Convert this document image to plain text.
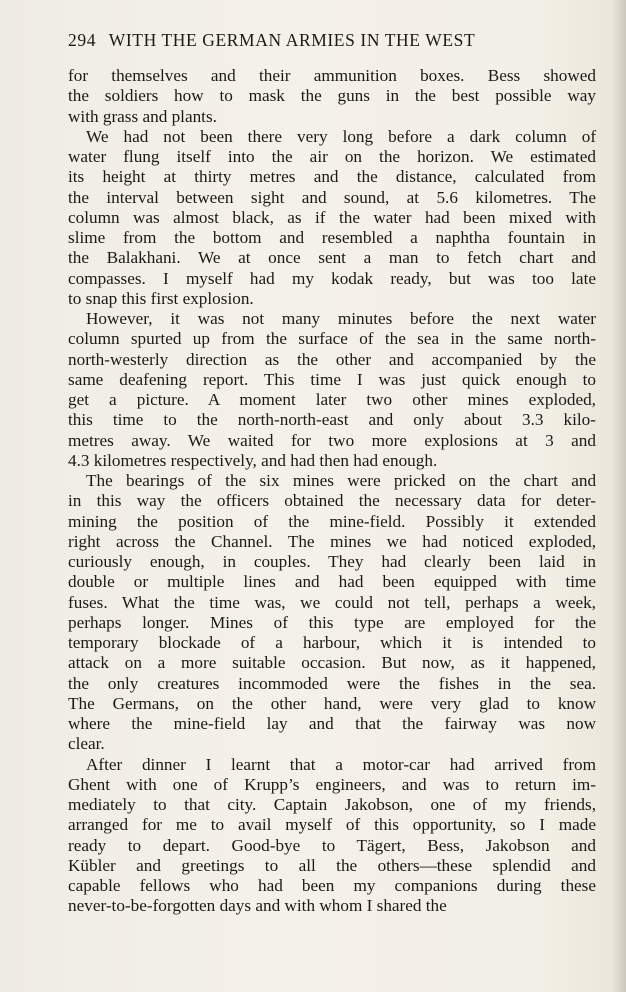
294 WITH THE GERMAN ARMIES IN THE WEST
for themselves and their ammunition boxes. Bess showed
the soldiers how to mask the guns in the best possible way
with grass and plants.
We had not been there very long before a dark column of
water flung itself into the air on the horizon. We estimated
its height at thirty metres and the distance, calculated from
the interval between sight and sound, at 5.6 kilometres. The
column was almost black, as if the water had been mixed with
slime from the bottom and resembled a naphtha fountain in
the Balakhani. We at once sent a man to fetch chart and
compasses. I myself had my kodak ready, but was too late
to snap this first explosion.
However, it was not many minutes before the next water
column spurted up from the surface of the sea in the same north-
north-westerly direction as the other and accompanied by the
same deafening report. This time I was just quick enough to
get a picture. A moment later two other mines exploded,
this time to the north-north-east and only about 3.3 kilo-
metres away. We waited for two more explosions at 3 and
4.3 kilometres respectively, and had then had enough.
The bearings of the six mines were pricked on the chart and
in this way the officers obtained the necessary data for deter-
mining the position of the mine-field. Possibly it extended
right across the Channel. The mines we had noticed exploded,
curiously enough, in couples. They had clearly been laid in
double or multiple lines and had been equipped with time
fuses. What the time was, we could not tell, perhaps a week,
perhaps longer. Mines of this type are employed for the
temporary blockade of a harbour, which it is intended to
attack on a more suitable occasion. But now, as it happened,
the only creatures incommoded were the fishes in the sea.
The Germans, on the other hand, were very glad to know
where the mine-field lay and that the fairway was now
clear.
After dinner I learnt that a motor-car had arrived from
Ghent with one of Krupp’s engineers, and was to return im-
mediately to that city. Captain Jakobson, one of my friends,
arranged for me to avail myself of this opportunity, so I made
ready to depart. Good-bye to Tägert, Bess, Jakobson and
Kübler and greetings to all the others—these splendid and
capable fellows who had been my companions during these
never-to-be-forgotten days and with whom I shared the
